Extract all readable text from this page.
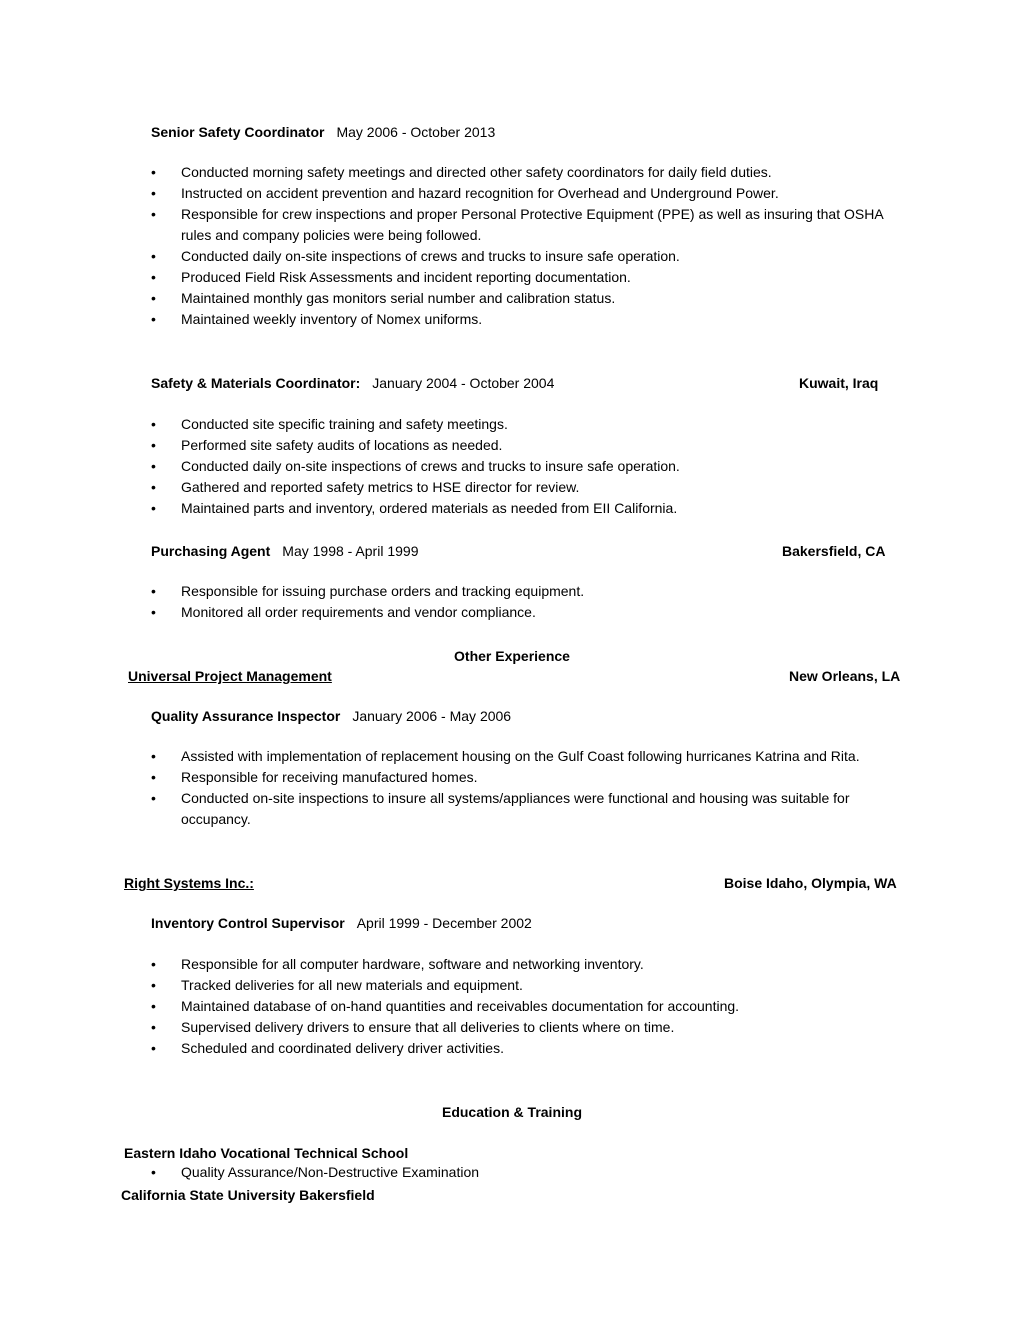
Senior Safety Coordinator May 2006 - October 2013
• Conducted morning safety meetings and directed other safety coordinators for daily field duties.
• Instructed on accident prevention and hazard recognition for Overhead and Underground Power.
• Responsible for crew inspections and proper Personal Protective Equipment (PPE) as well as insuring that OSHA rules and company policies were being followed.
• Conducted daily on-site inspections of crews and trucks to insure safe operation.
• Produced Field Risk Assessments and incident reporting documentation.
• Maintained monthly gas monitors serial number and calibration status.
• Maintained weekly inventory of Nomex uniforms.
Safety & Materials Coordinator: January 2004 - October 2004	Kuwait, Iraq
• Conducted site specific training and safety meetings.
• Performed site safety audits of locations as needed.
• Conducted daily on-site inspections of crews and trucks to insure safe operation.
• Gathered and reported safety metrics to HSE director for review.
• Maintained parts and inventory, ordered materials as needed from EII California.
Purchasing Agent May 1998 - April 1999	Bakersfield, CA
• Responsible for issuing purchase orders and tracking equipment.
• Monitored all order requirements and vendor compliance.
Other Experience
Universal Project Management	New Orleans, LA
Quality Assurance Inspector January 2006 - May 2006
• Assisted with implementation of replacement housing on the Gulf Coast following hurricanes Katrina and Rita.
• Responsible for receiving manufactured homes.
• Conducted on-site inspections to insure all systems/appliances were functional and housing was suitable for occupancy.
Right Systems Inc.:	Boise Idaho, Olympia, WA
Inventory Control Supervisor April 1999 - December 2002
• Responsible for all computer hardware, software and networking inventory.
• Tracked deliveries for all new materials and equipment.
• Maintained database of on-hand quantities and receivables documentation for accounting.
• Supervised delivery drivers to ensure that all deliveries to clients where on time.
• Scheduled and coordinated delivery driver activities.
Education & Training
Eastern Idaho Vocational Technical School
• Quality Assurance/Non-Destructive Examination
California State University Bakersfield
